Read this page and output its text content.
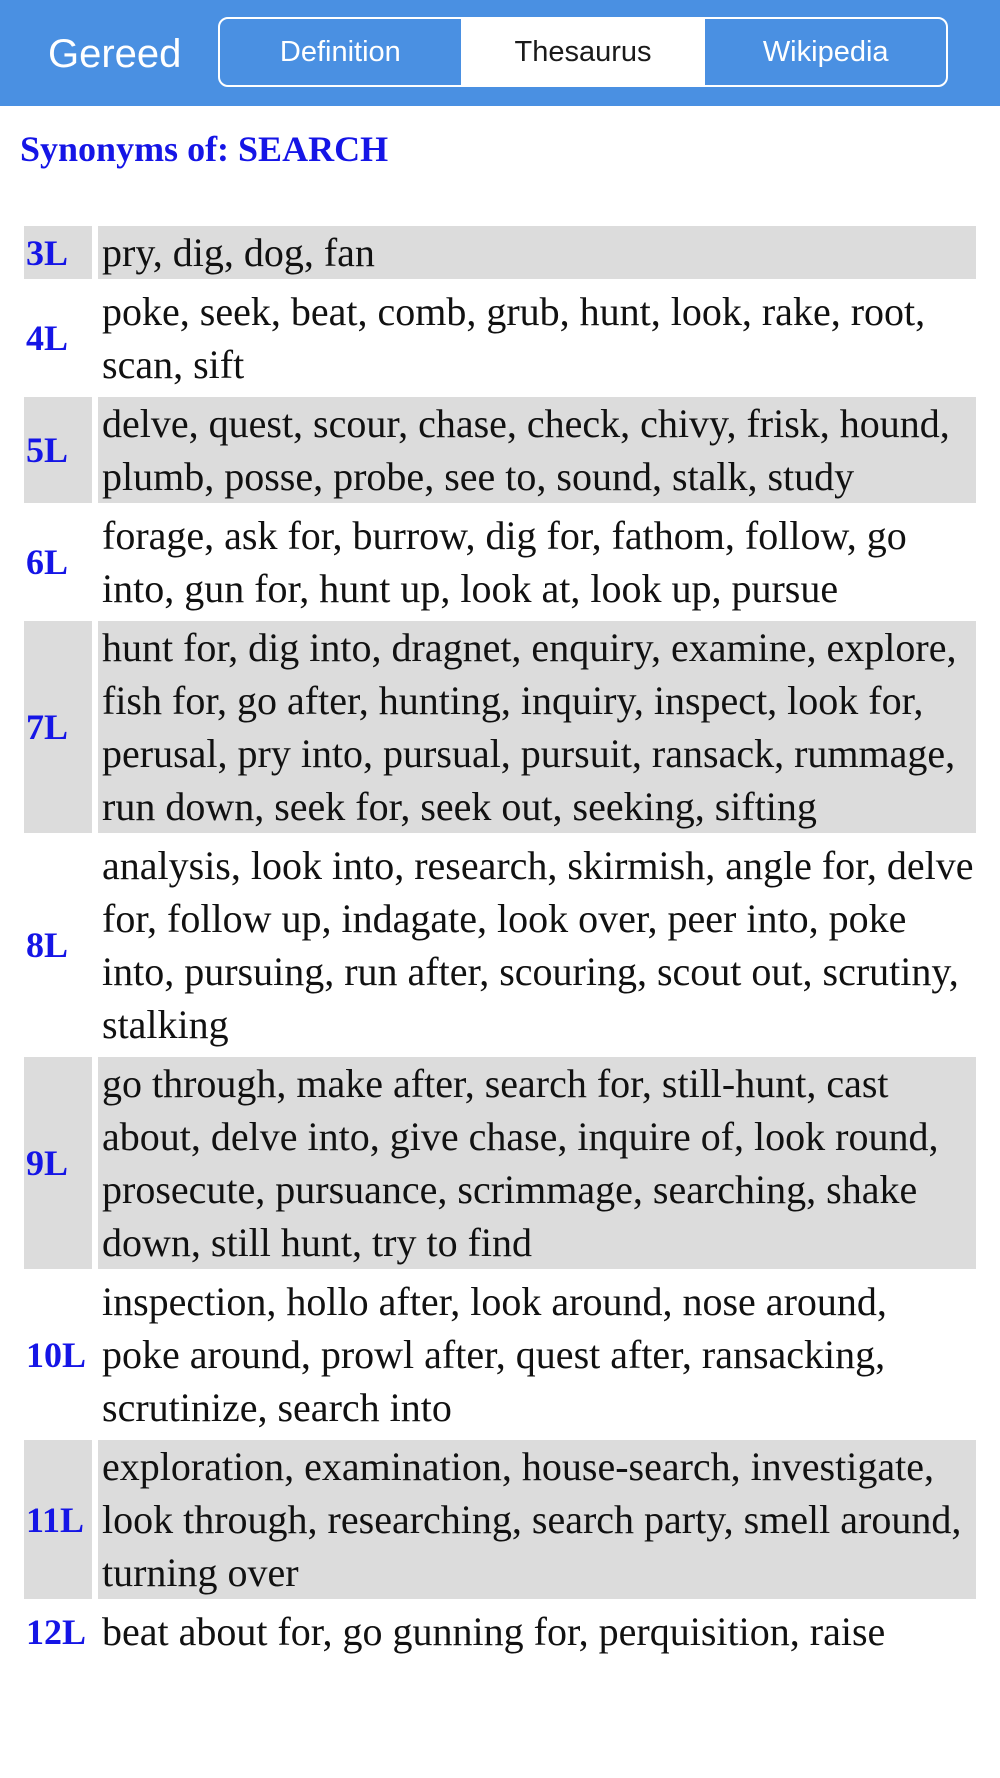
Gereed	Definition	Thesaurus	Wikipedia
Synonyms of: SEARCH
3L pry, dig, dog, fan
4L
poke, seek, beat, comb, grub, hunt, look, rake, root, scan, sift
5L
delve, quest, scour, chase, check, chivy, frisk, hound, plumb, posse, probe, see to, sound, stalk, study
6L
forage, ask for, burrow, dig for, fathom, follow, go into, gun for, hunt up, look at, look up, pursue
7L
hunt for, dig into, dragnet, enquiry, examine, explore, fish for, go after, hunting, inquiry, inspect, look for, perusal, pry into, pursual, pursuit, ransack, rummage, run down, seek for, seek out, seeking, sifting
8L
analysis, look into, research, skirmish, angle for, delve for, follow up, indagate, look over, peer into, poke into, pursuing, run after, scouring, scout out, scrutiny, stalking
9L
go through, make after, search for, still-hunt, cast about, delve into, give chase, inquire of, look round, prosecute, pursuance, scrimmage, searching, shake down, still hunt, try to find
10L
inspection, hollo after, look around, nose around, poke around, prowl after, quest after, ransacking, scrutinize, search into
11L
exploration, examination, house-search, investigate, look through, researching, search party, smell around, turning over
12L beat about for, go gunning for, perquisition, raise
